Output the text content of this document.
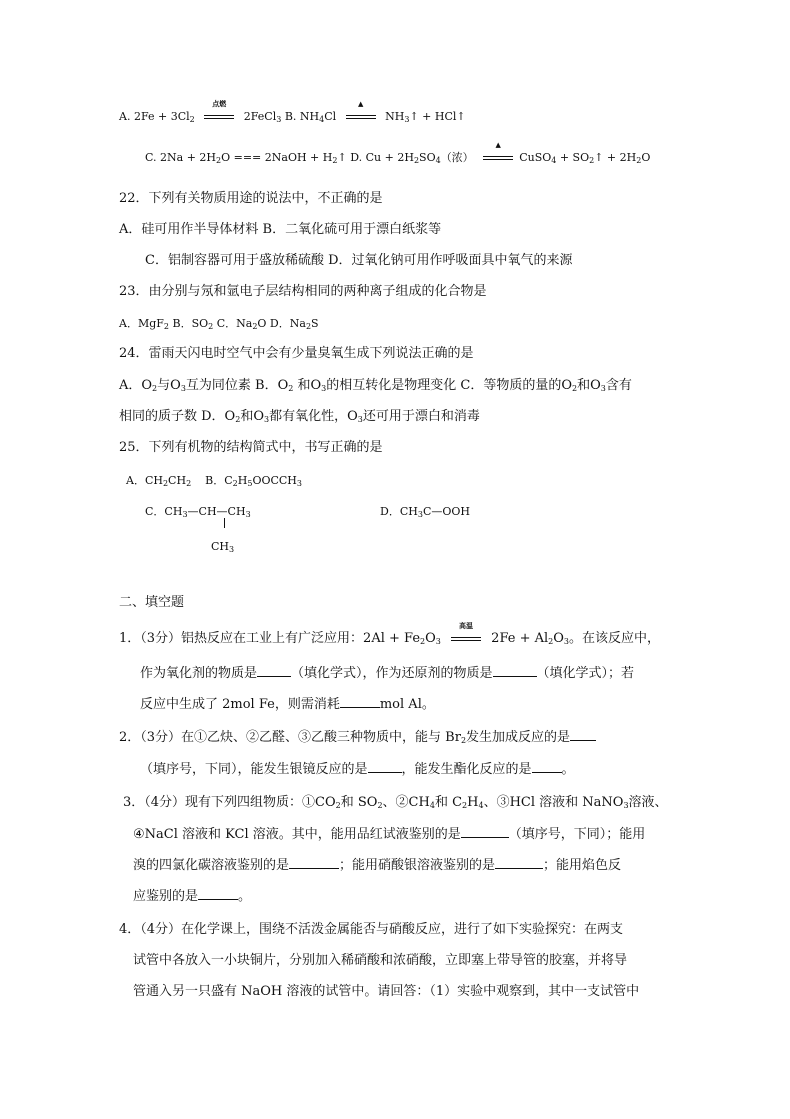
A. $2Fe + 3Cl_2$
点燃
2FeCl$_3$ B. $NH_4Cl$
▲
$NH_3↑$ + HCl↑
C. $2Na + 2H_2O$ === 2NaOH + $H_2↑$ D. $Cu + 2H_2SO_4$（浓）
▲
CuSO$_4$ + $SO_2↑ + 2H_2O$
22．下列有关物质用途的说法中，不正确的是
A．硅可用作半导体材料 B．二氧化硫可用于漂白纸浆等
C．铝制容器可用于盛放稀硫酸 D．过氧化钠可用作呼吸面具中氧气的来源
23．由分别与氖和氩电子层结构相同的两种离子组成的化合物是
A．MgF$_2$ B．$SO_2$ C．$Na_2O$ D．$Na_2S$
24．雷雨天闪电时空气中会有少量臭氧生成下列说法正确的是
A．$O_2$与$O_3$互为同位素 B．$O_2$ 和$O_3$的相互转化是物理变化 C．等物质的量的$O_2$和$O_3$含有
相同的质子数 D．$O_2$和$O_3$都有氧化性，$O_3$还可用于漂白和消毒
25．下列有机物的结构简式中，书写正确的是
A．$CH_2CH_2$ B．$C_2H_5OOCCH_3$
C．$CH_3—CH—CH_3$
$CH_3$
D．$CH_3C—OOH$
二、填空题
1．（3分）铝热反应在工业上有广泛应用：$2Al + Fe_2O_3$
高温
$2Fe + Al_2O_3$。在该反应中，
作为氧化剂的物质是	（填化学式），作为还原剂的物质是	（填化学式）；若
反应中生成了 2mol Fe，则需消耗	mol Al。
2．（3分）在①乙炔、②乙醛、③乙酸三种物质中，能与 $Br_2$发生加成反应的是
（填序号，下同），能发生银镜反应的是	，能发生酯化反应的是 。
3．（4分）现有下列四组物质：$①CO_2$和 $SO_2$、$②CH_4$和 $C_2H_4$、③HCl 溶液和 NaNO$_3$溶液、
④NaCl 溶液和 KCl 溶液。其中，能用品红试液鉴别的是	（填序号，下同）；能用
溴的四氯化碳溶液鉴别的是	；能用硝酸银溶液鉴别的是	；能用焰色反
应鉴别的是	。
4．（4分）在化学课上，围绕不活泼金属能否与硝酸反应，进行了如下实验探究：在两支
试管中各放入一小块铜片，分别加入稀硝酸和浓硝酸，立即塞上带导管的胶塞，并将导
管通入另一只盛有 NaOH 溶液的试管中。请回答：（1）实验中观察到，其中一支试管中
